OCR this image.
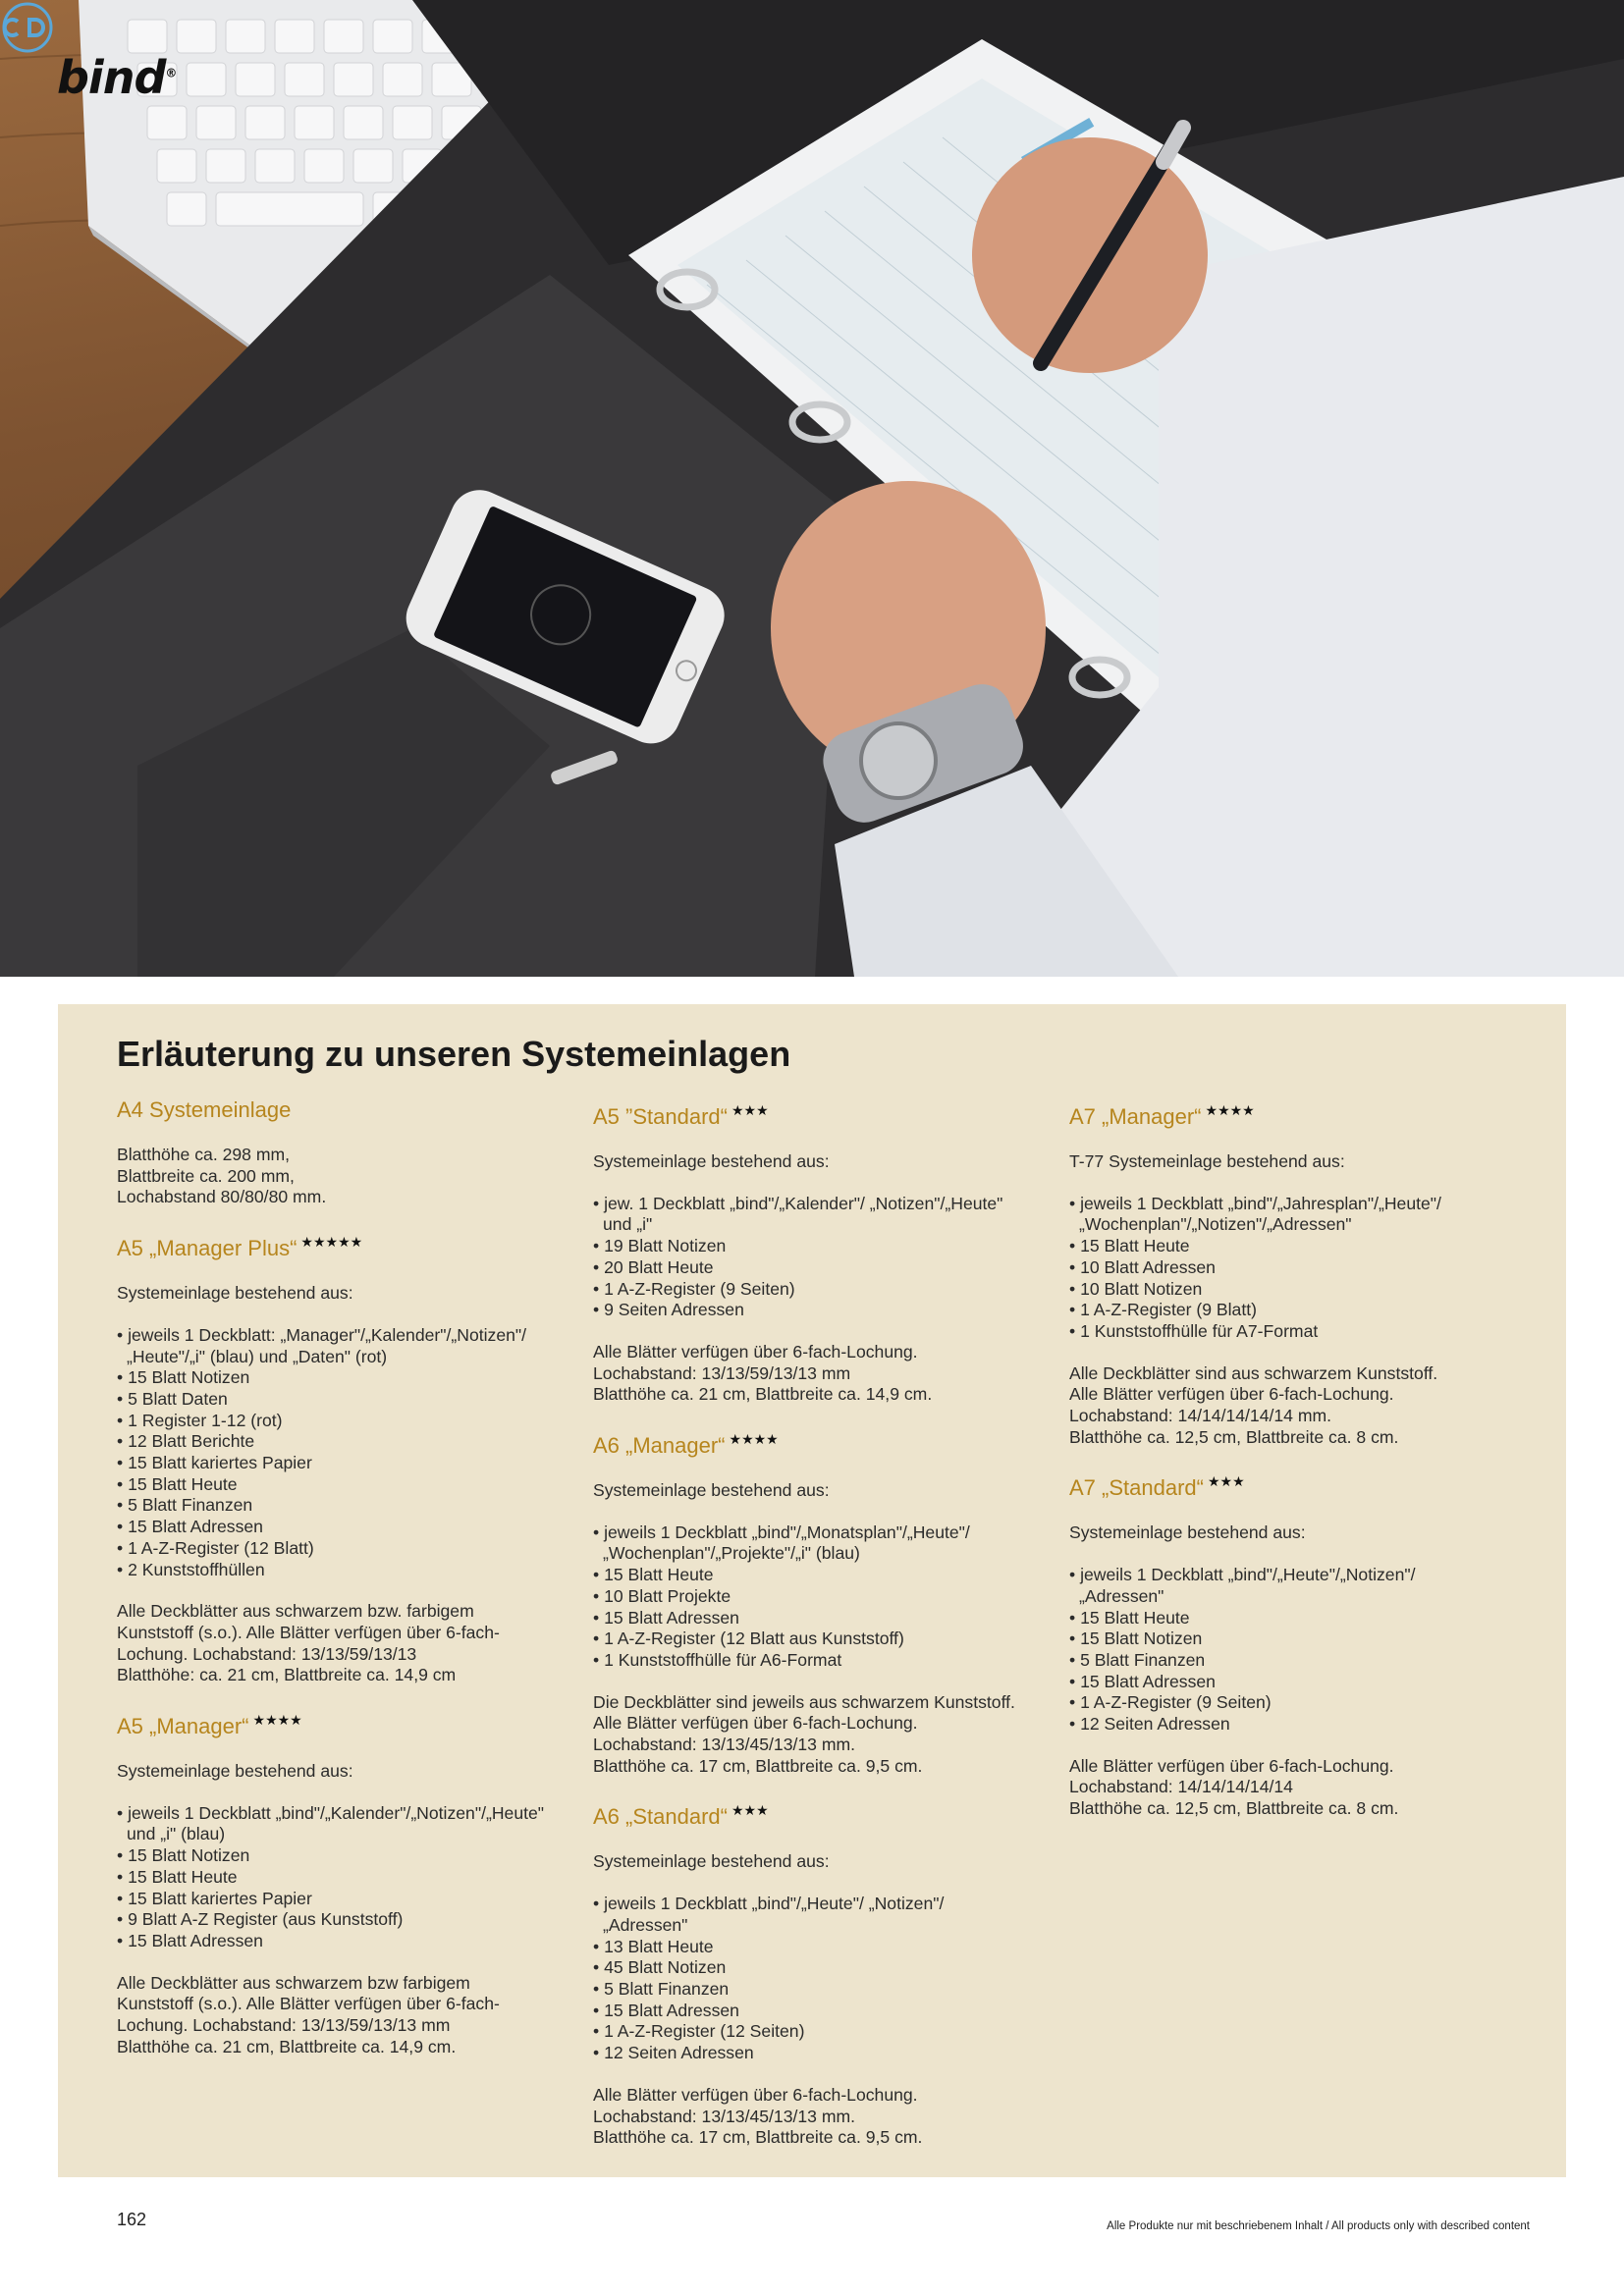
bind®
Erläuterung zu unseren Systemeinlagen
A4 Systemeinlage
Blatthöhe ca. 298 mm,
Blattbreite ca. 200 mm,
Lochabstand 80/80/80 mm.
A5 „Manager Plus“ ★★★★★
Systemeinlage bestehend aus:
• jeweils 1 Deckblatt: „Manager"/„Kalender"/„Notizen"/ „Heute"/„i" (blau) und „Daten" (rot)
• 15 Blatt Notizen
• 5 Blatt Daten
• 1 Register 1-12 (rot)
• 12 Blatt Berichte
• 15 Blatt kariertes Papier
• 15 Blatt Heute
• 5 Blatt Finanzen
• 15 Blatt Adressen
• 1 A-Z-Register (12 Blatt)
• 2 Kunststoffhüllen
Alle Deckblätter aus schwarzem bzw. farbigem
Kunststoff (s.o.). Alle Blätter verfügen über 6-fach-
Lochung. Lochabstand: 13/13/59/13/13
Blatthöhe: ca. 21 cm, Blattbreite ca. 14,9 cm
A5 „Manager“ ★★★★
Systemeinlage bestehend aus:
• jeweils 1 Deckblatt „bind"/„Kalender"/„Notizen"/„Heute" und „i" (blau)
• 15 Blatt Notizen
• 15 Blatt Heute
• 15 Blatt kariertes Papier
• 9 Blatt A-Z Register (aus Kunststoff)
• 15 Blatt Adressen
Alle Deckblätter aus schwarzem bzw farbigem
Kunststoff (s.o.). Alle Blätter verfügen über 6-fach-
Lochung. Lochabstand: 13/13/59/13/13 mm
Blatthöhe ca. 21 cm, Blattbreite ca. 14,9 cm.
A5 ”Standard“ ★★★
Systemeinlage bestehend aus:
• jew. 1 Deckblatt „bind"/„Kalender"/ „Notizen"/„Heute" und „i"
• 19 Blatt Notizen
• 20 Blatt Heute
• 1 A-Z-Register (9 Seiten)
• 9 Seiten Adressen
Alle Blätter verfügen über 6-fach-Lochung.
Lochabstand: 13/13/59/13/13 mm
Blatthöhe ca. 21 cm, Blattbreite ca. 14,9 cm.
A6 „Manager“ ★★★★
Systemeinlage bestehend aus:
• jeweils 1 Deckblatt „bind"/„Monatsplan"/„Heute"/ „Wochenplan"/„Projekte"/„i" (blau)
• 15 Blatt Heute
• 10 Blatt Projekte
• 15 Blatt Adressen
• 1 A-Z-Register (12 Blatt aus Kunststoff)
• 1 Kunststoffhülle für A6-Format
Die Deckblätter sind jeweils aus schwarzem Kunststoff.
Alle Blätter verfügen über 6-fach-Lochung.
Lochabstand: 13/13/45/13/13 mm.
Blatthöhe ca. 17 cm, Blattbreite ca. 9,5 cm.
A6 „Standard“ ★★★
Systemeinlage bestehend aus:
• jeweils 1 Deckblatt „bind"/„Heute"/ „Notizen"/ „Adressen"
• 13 Blatt Heute
• 45 Blatt Notizen
• 5 Blatt Finanzen
• 15 Blatt Adressen
• 1 A-Z-Register (12 Seiten)
• 12 Seiten Adressen
Alle Blätter verfügen über 6-fach-Lochung.
Lochabstand: 13/13/45/13/13 mm.
Blatthöhe ca. 17 cm, Blattbreite ca. 9,5 cm.
A7 „Manager“ ★★★★
T-77 Systemeinlage bestehend aus:
• jeweils 1 Deckblatt „bind"/„Jahresplan"/„Heute"/ „Wochenplan"/„Notizen"/„Adressen"
• 15 Blatt Heute
• 10 Blatt Adressen
• 10 Blatt Notizen
• 1 A-Z-Register (9 Blatt)
• 1 Kunststoffhülle für A7-Format
Alle Deckblätter sind aus schwarzem Kunststoff.
Alle Blätter verfügen über 6-fach-Lochung.
Lochabstand: 14/14/14/14/14 mm.
Blatthöhe ca. 12,5 cm, Blattbreite ca. 8 cm.
A7 „Standard“ ★★★
Systemeinlage bestehend aus:
• jeweils 1 Deckblatt „bind"/„Heute"/„Notizen"/ „Adressen"
• 15 Blatt Heute
• 15 Blatt Notizen
• 5 Blatt Finanzen
• 15 Blatt Adressen
• 1 A-Z-Register (9 Seiten)
• 12 Seiten Adressen
Alle Blätter verfügen über 6-fach-Lochung.
Lochabstand: 14/14/14/14/14
Blatthöhe ca. 12,5 cm, Blattbreite ca. 8 cm.
162	Alle Produkte nur mit beschriebenem Inhalt / All products only with described content
